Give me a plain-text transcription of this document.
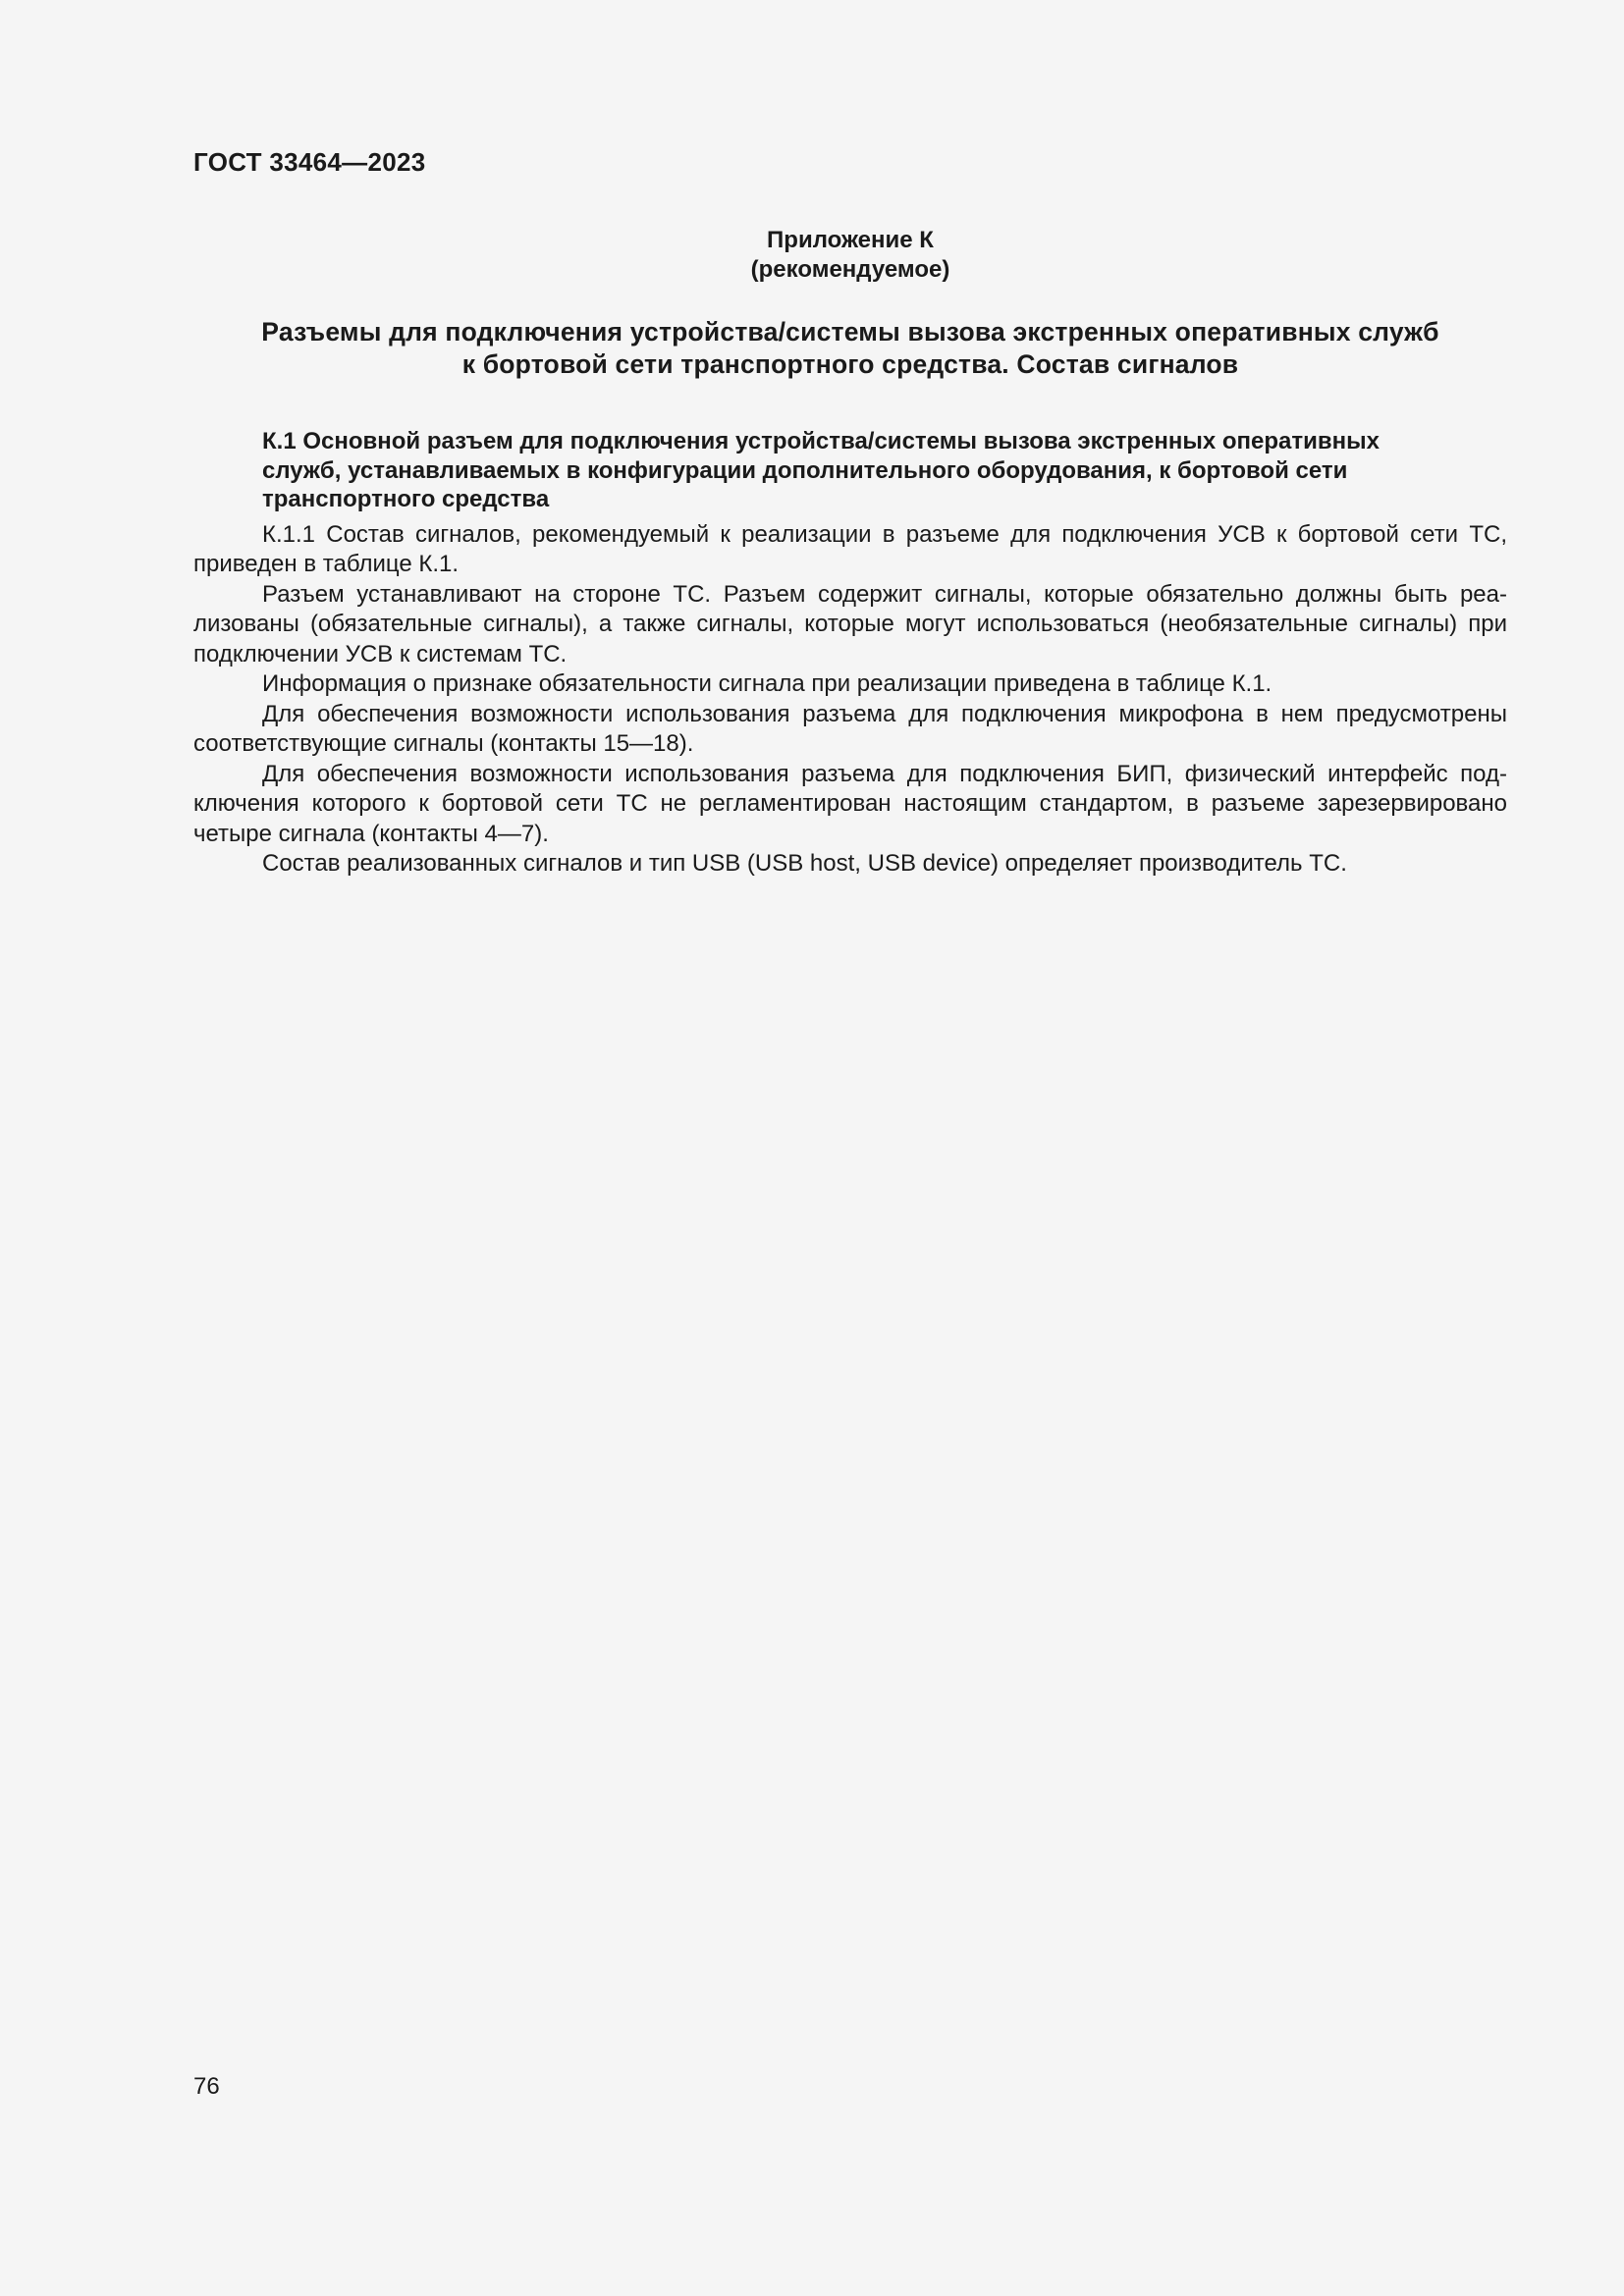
ГОСТ 33464—2023
Приложение К
(рекомендуемое)
Разъемы для подключения устройства/системы вызова экстренных оперативных служб
к бортовой сети транспортного средства. Состав сигналов

К.1 Основной разъем для подключения устройства/системы вызова экстренных оперативных служб, устанавливаемых в конфигурации дополнительного оборудования, к бортовой сети транспортного средства

К.1.1 Состав сигналов, рекомендуемый к реализации в разъеме для подключения УСВ к бортовой сети ТС, приведен в таблице К.1.

Разъем устанавливают на стороне ТС. Разъем содержит сигналы, которые обязательно должны быть реализованы (обязательные сигналы), а также сигналы, которые могут использоваться (необязательные сигналы) при подключении УСВ к системам ТС.

Информация о признаке обязательности сигнала при реализации приведена в таблице К.1.

Для обеспечения возможности использования разъема для подключения микрофона в нем предусмотрены соответствующие сигналы (контакты 15—18).

Для обеспечения возможности использования разъема для подключения БИП, физический интерфейс подключения которого к бортовой сети ТС не регламентирован настоящим стандартом, в разъеме зарезервировано четыре сигнала (контакты 4—7).

Состав реализованных сигналов и тип USB (USB host, USB device) определяет производитель ТС.

76
